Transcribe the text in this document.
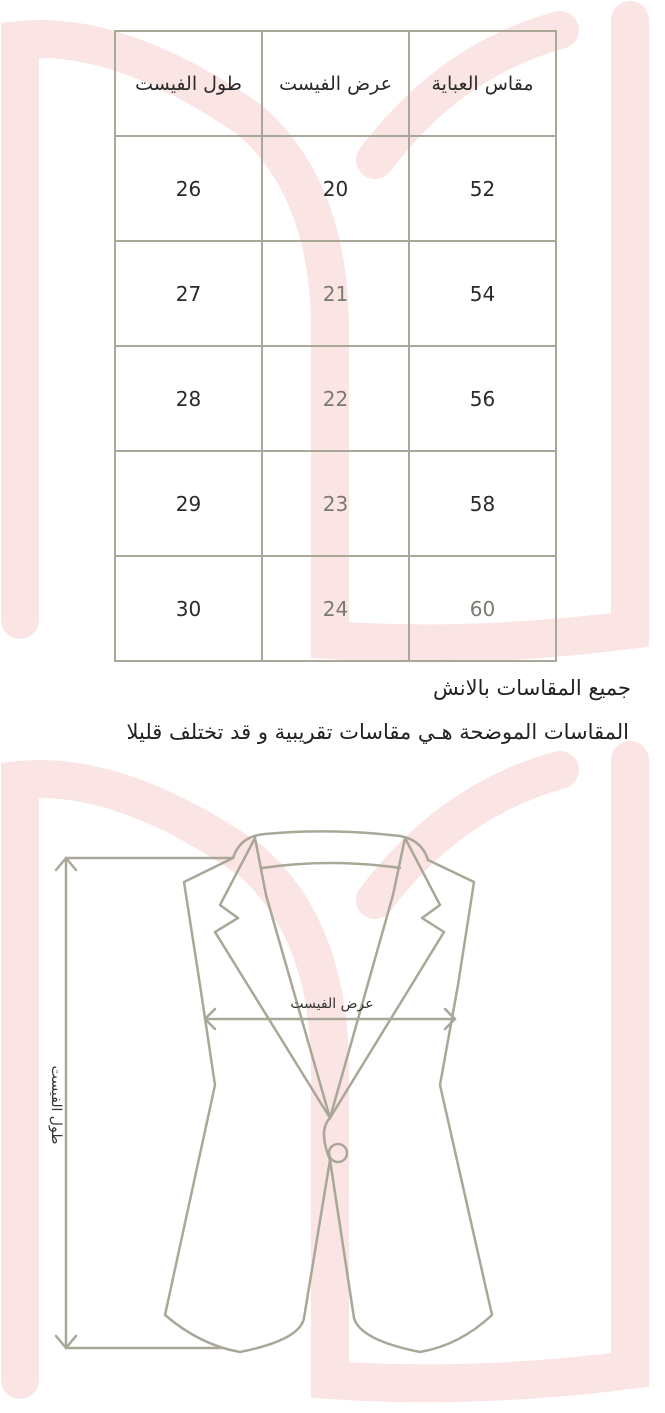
مقاس العباية	عرض الفيست	طول الفيست
52	20	26
54	21	27
56	22	28
58	23	29
60	24	30
جميع المقاسات بالانش
المقاسات الموضحة هـي مقاسات تقريبية و قد تختلف قليلا
عرض الفيست
طول الفيست
